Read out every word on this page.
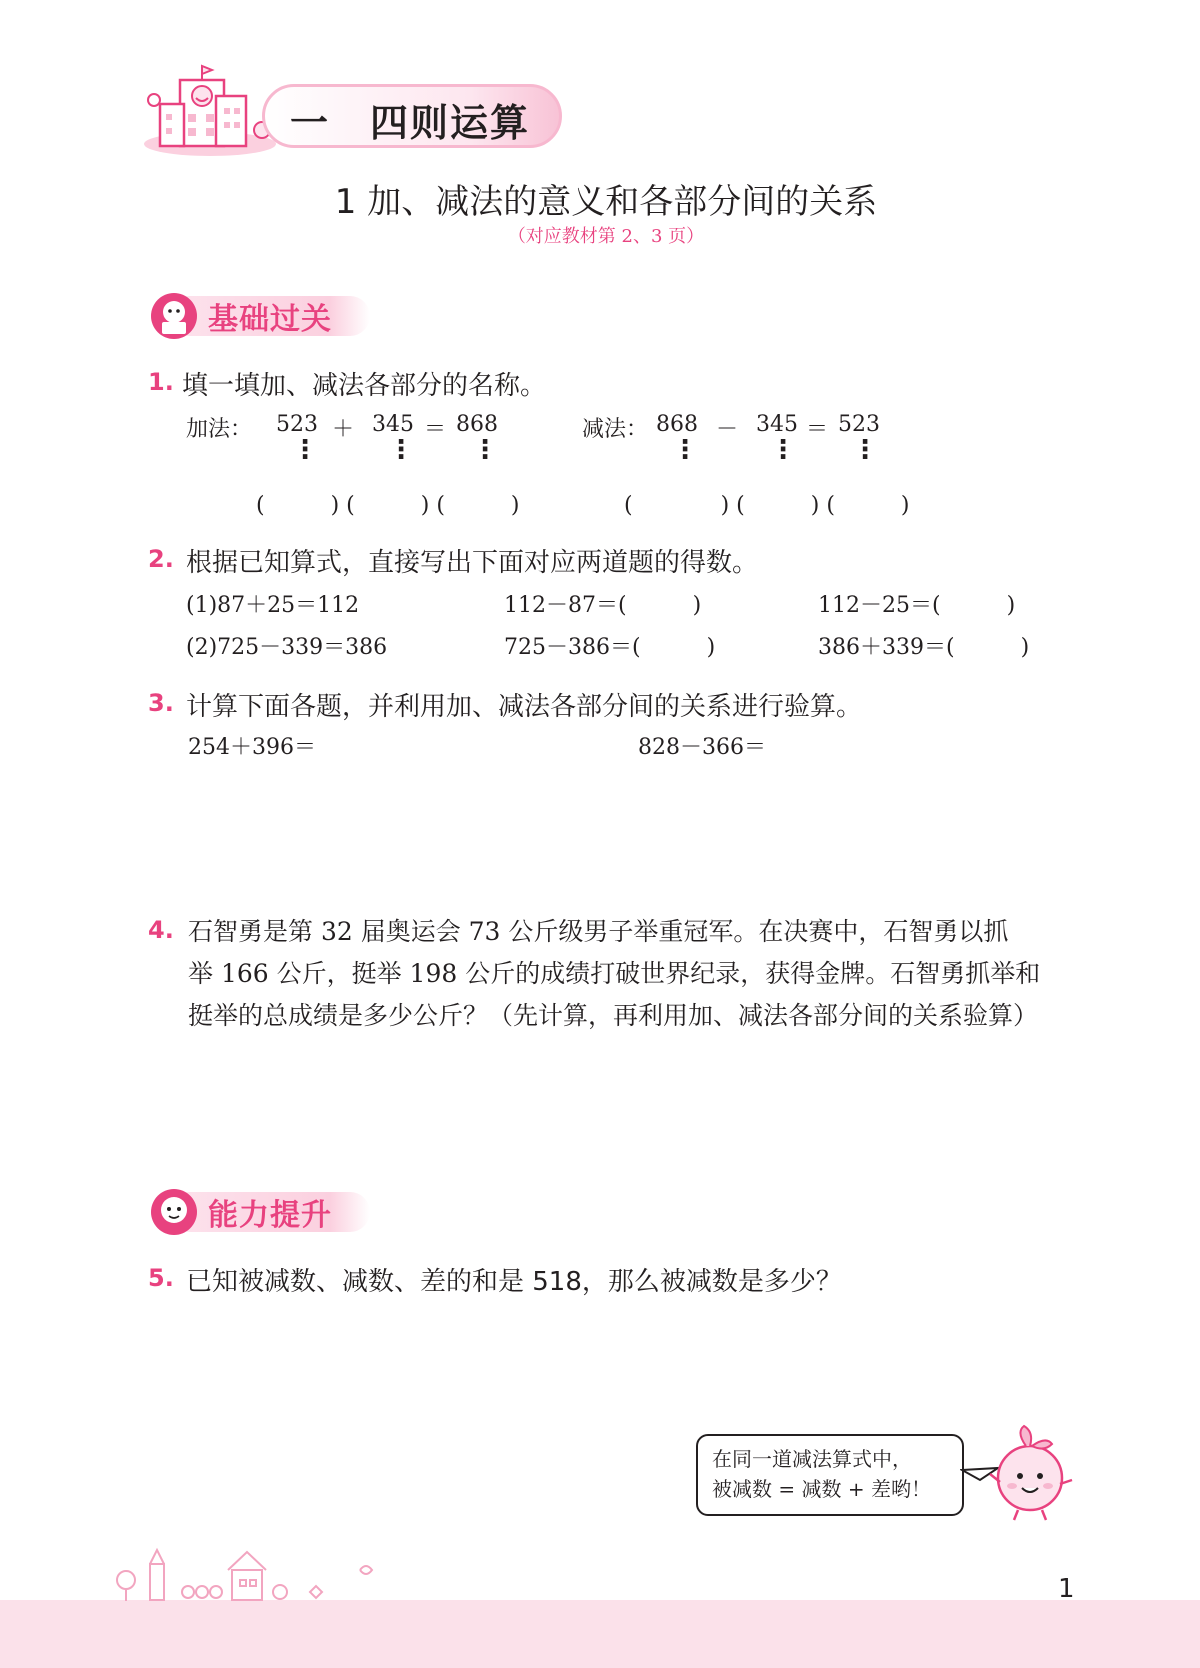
一　四则运算
1 加、减法的意义和各部分间的关系
（对应教材第 2、3 页）
基础过关
1. 填一填加、减法各部分的名称。
加法： 523 ＋ 345 ＝ 868
⋮	⋮ ⋮
减法： 868 － 345 ＝ 523
⋮	⋮ ⋮
(　　　) (　　　) (　　　)	(　　　　) (　　　) (　　　)
2. 根据已知算式，直接写出下面对应两道题的得数。
(1)87＋25＝112	112－87＝(　　　)	112－25＝(　　　)
(2)725－339＝386	725－386＝(　　　)	386＋339＝(　　　)
3. 计算下面各题，并利用加、减法各部分间的关系进行验算。
254＋396＝	828－366＝
4. 石智勇是第 32 届奥运会 73 公斤级男子举重冠军。在决赛中，石智勇以抓
举 166 公斤，挺举 198 公斤的成绩打破世界纪录，获得金牌。石智勇抓举和
挺举的总成绩是多少公斤？（先计算，再利用加、减法各部分间的关系验算）
能力提升
5. 已知被减数、减数、差的和是 518，那么被减数是多少？
在同一道减法算式中，
被减数 = 减数 + 差哟！
1
